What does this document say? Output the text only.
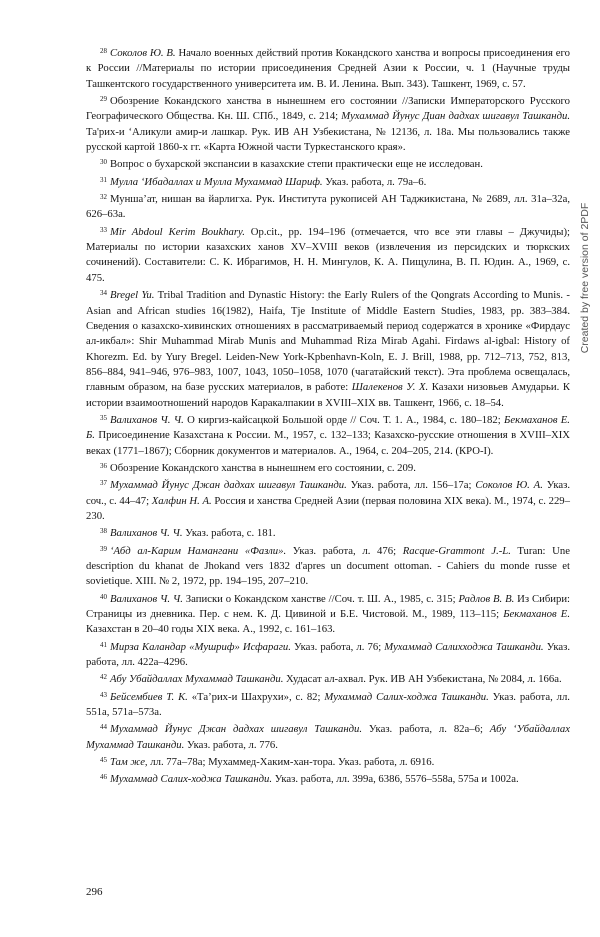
28 Соколов Ю. В. Начало военных действий против Кокандского ханства и вопросы присоединения его к России //Материалы по истории присоединения Средней Азии к России, ч. 1 (Научные труды Ташкентского государственного университета им. В. И. Ленина. Вып. 343). Ташкент, 1969, с. 57.

29 Обозрение Кокандского ханства в нынешнем его состоянии //Записки Императорского Русского Географического Общества. Кн. Ш. СПб., 1849, с. 214; Мухаммад Йунус Диан дадхах шигавул Ташканди. Та'рих-и ‘Аликули амир-и лашкар. Рук. ИВ АН Узбекистана, № 12136, л. 18а. Мы пользовались также русской картой 1860-х гг. «Карта Южной части Туркестанского края».

30 Вопрос о бухарской экспансии в казахские степи практически еще не исследован.

31 Мулла ‘Ибадаллах и Мулла Мухаммад Шариф. Указ. работа, л. 79а–6.

32 Мунша’ат, нишан ва йарлигха. Рук. Института рукописей АН Таджикистана, № 2689, лл. 31а–32а, 626–63а.

33 Mir Abdoul Kerim Boukhary. Op.cit., pp. 194–196 (отмечается, что все эти главы – Джучиды); Материалы по истории казахских ханов XV–XVIII веков (извлечения из персидских и тюркских сочинений). Составители: С. К. Ибрагимов, Н. Н. Мингулов, К. А. Пищулина, В. П. Юдин. А., 1969, с. 475.

34 Bregel Yu. Tribal Tradition and Dynastic History: the Early Rulers of the Qongrats According to Munis. - Asian and African studies 16(1982), Haifa, Tje Institute of Middle Eastern Studies, 1983, pp. 383–384. Сведения о казахско-хивинских отношениях в рассматриваемый период содержатся в хронике «Фирдаус ал-икбал»: Shir Muhammad Mirab Munis and Muhammad Riza Mirab Agahi. Firdaws al-igbal: History of Khorezm. Ed. by Yury Bregel. Leiden-New York-Kpbenhavn-Koln, E. J. Brill, 1988, pp. 712–713, 752, 813, 856–884, 941–946, 976–983, 1007, 1043, 1050–1058, 1070 (чагатайский текст). Эта проблема освещалась, главным образом, на базе русских материалов, в работе: Шалекенов У. Х. Казахи низовьев Амударьи. К истории взаимоотношений народов Каракалпакии в XVIII–XIX вв. Ташкент, 1966, с. 18–54.

35 Валиханов Ч. Ч. О киргиз-кайсацкой Большой орде // Соч. Т. 1. А., 1984, с. 180–182; Бекмаханов Е. Б. Присоединение Казахстана к России. М., 1957, с. 132–133; Казахско-русские отношения в XVIII–XIX веках (1771–1867); Сборник документов и материалов. А., 1964, с. 204–205, 214. (КРО-I).

36 Обозрение Кокандского ханства в нынешнем его состоянии, с. 209.

37 Мухаммад Йунус Джан дадхах шигавул Ташканди. Указ. работа, лл. 156–17а; Соколов Ю. А. Указ. соч., с. 44–47; Халфин Н. А. Россия и ханства Средней Азии (первая половина XIX века). М., 1974, с. 229–230.

38 Валиханов Ч. Ч. Указ. работа, с. 181.

39 ‘Абд ал-Карим Намангани «Фазли». Указ. работа, л. 476; Racque-Grammont J.-L. Turan: Une description du khanat de Jhokand vers 1832 d'apres un document ottoman. - Cahiers du monde russe et sovietique. XIII. № 2, 1972, pp. 194–195, 207–210.

40 Валиханов Ч. Ч. Записки о Кокандском ханстве //Соч. т. Ш. А., 1985, с. 315; Радлов В. В. Из Сибири: Страницы из дневника. Пер. с нем. К. Д. Цивиной и Б.Е. Чистовой. М., 1989, 113–115; Бекмаханов Е. Казахстан в 20–40 годы XIX века. А., 1992, с. 161–163.

41 Мирза Каландар «Мушриф» Исфараги. Указ. работа, л. 76; Мухаммад Салихходжа Ташканди. Указ. работа, лл. 422а–4296.

42 Абу Убайдаллах Мухаммад Ташканди. Худасат ал-ахвал. Рук. ИВ АН Узбекистана, № 2084, л. 166а.

43 Бейсембиев Т. К. «Та’рих-и Шахрухи», с. 82; Мухаммад Салих-ходжа Ташканди. Указ. работа, лл. 551а, 571а–573а.

44 Мухаммад Йунус Джан дадхах шигавул Ташканди. Указ. работа, л. 82а–6; Абу ‘Убайдаллах Мухаммад Ташканди. Указ. работа, л. 776.

45 Там же, лл. 77а–78а; Мухаммед-Хаким-хан-тора. Указ. работа, л. 6916.

46 Мухаммад Салих-ходжа Ташканди. Указ. работа, лл. 399а, 6386, 5576–558а, 575а и 1002а.

296
Created by free version of 2PDF
